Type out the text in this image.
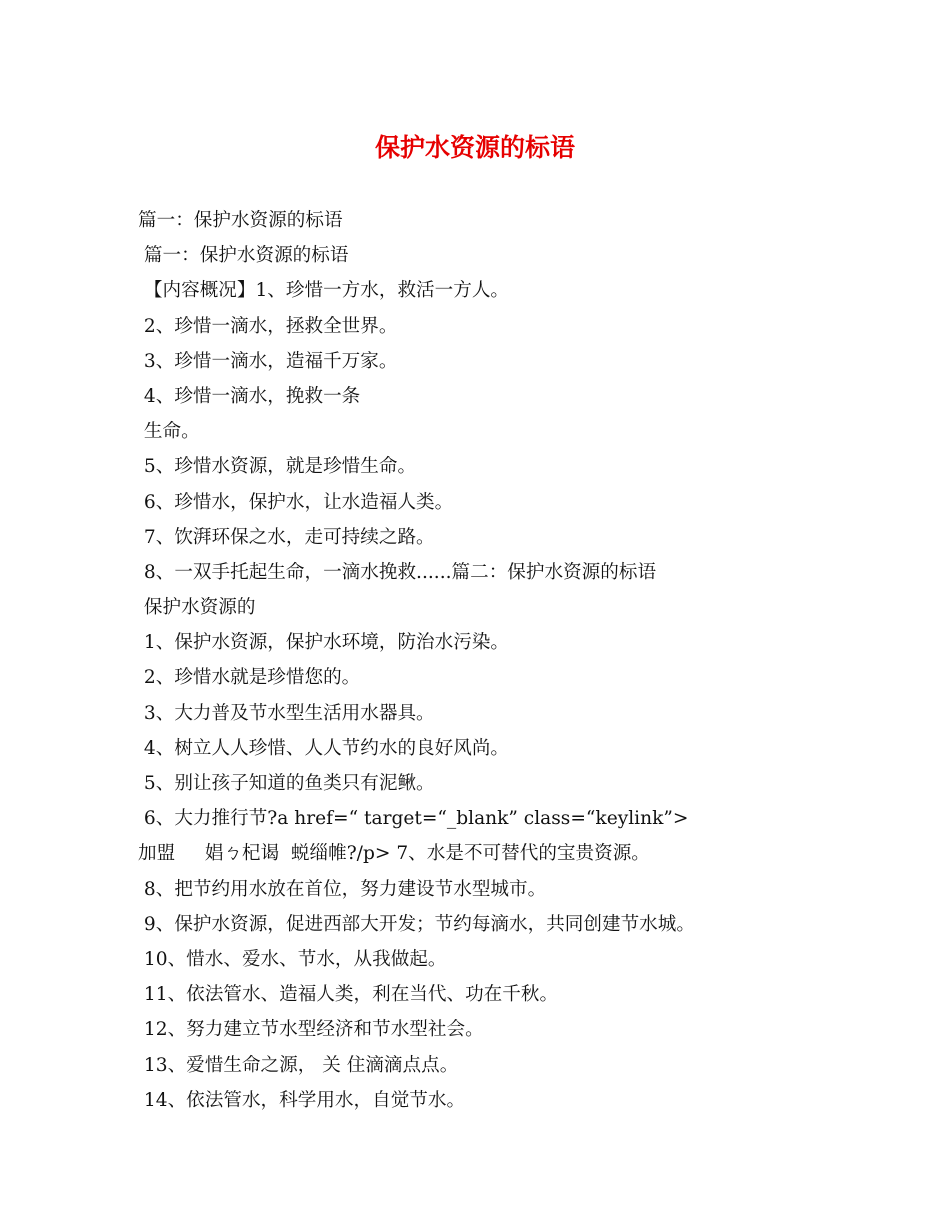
保护水资源的标语
篇一：保护水资源的标语
篇一：保护水资源的标语
【内容概况】1、珍惜一方水，救活一方人。
2、珍惜一滴水，拯救全世界。
3、珍惜一滴水，造福千万家。
4、珍惜一滴水，挽救一条
生命。
5、珍惜水资源，就是珍惜生命。
6、珍惜水，保护水，让水造福人类。
7、饮湃环保之水，走可持续之路。
8、一双手托起生命，一滴水挽救......篇二：保护水资源的标语
保护水资源的
1、保护水资源，保护水环境，防治水污染。
2、珍惜水就是珍惜您的。
3、大力普及节水型生活用水器具。
4、树立人人珍惜、人人节约水的良好风尚。
5、别让孩子知道的鱼类只有泥鳅。
6、大力推行节?a href=“ target=“_blank” class=“keylink”>
加盟     娼ㄅ杞谒  蜕缁帷?/p> 7、水是不可替代的宝贵资源。
8、把节约用水放在首位，努力建设节水型城市。
9、保护水资源，促进西部大开发；节约每滴水，共同创建节水城。
10、惜水、爱水、节水，从我做起。
11、依法管水、造福人类，利在当代、功在千秋。
12、努力建立节水型经济和节水型社会。
13、爱惜生命之源， 关 住滴滴点点。
14、依法管水，科学用水，自觉节水。
